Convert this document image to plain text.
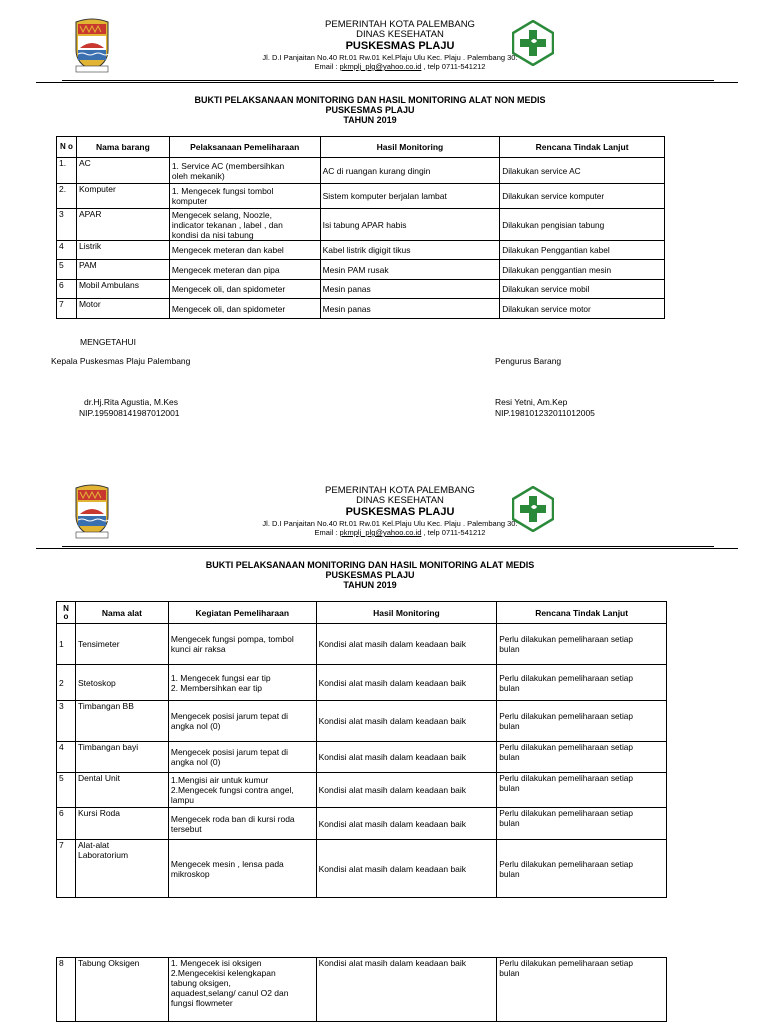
PEMERINTAH KOTA PALEMBANG
DINAS KESEHATAN
PUSKESMAS PLAJU
Jl. D.I Panjaitan No.40 Rt.01 Rw.01 Kel.Plaju Ulu Kec. Plaju . Palembang 30:
Email : pkmplj_plg@yahoo.co.id , telp 0711-541212
BUKTI PELAKSANAAN MONITORING DAN HASIL MONITORING ALAT NON MEDIS
PUSKESMAS PLAJU
TAHUN 2019
N o	Nama barang	Pelaksanaan Pemeliharaan	Hasil Monitoring	Rencana Tindak Lanjut
1.	AC	1. Service AC (membersihkan
oleh mekanik)	AC di ruangan kurang dingin	Dilakukan service AC
2.	Komputer	1. Mengecek fungsi tombol
komputer	Sistem komputer berjalan lambat	Dilakukan service komputer
3	APAR	Mengecek selang, Noozle,
indicator tekanan , label , dan
kondisi da nisi tabung	Isi tabung APAR habis	Dilakukan pengisian tabung
4	Listrik	Mengecek meteran dan kabel	Kabel listrik digigit tikus	Dilakukan Penggantian kabel
5	PAM	Mengecek meteran dan pipa	Mesin PAM rusak	Dilakukan penggantian mesin
6	Mobil Ambulans	Mengecek oli, dan spidometer	Mesin panas	Dilakukan service mobil
7	Motor	Mengecek oli, dan spidometer	Mesin panas	Dilakukan service motor
MENGETAHUI
Kepala Puskesmas Plaju Palembang	Pengurus Barang
dr.Hj.Rita Agustia, M.Kes
NIP.195908141987012001
Resi Yetni, Am.Kep
NIP.198101232011012005
PEMERINTAH KOTA PALEMBANG
DINAS KESEHATAN
PUSKESMAS PLAJU
Jl. D.I Panjaitan No.40 Rt.01 Rw.01 Kel.Plaju Ulu Kec. Plaju . Palembang 30:
Email : pkmplj_plg@yahoo.co.id , telp 0711-541212
BUKTI PELAKSANAAN MONITORING DAN HASIL MONITORING ALAT MEDIS
PUSKESMAS PLAJU
TAHUN 2019
N o	Nama alat	Kegiatan Pemeliharaan	Hasil Monitoring	Rencana Tindak Lanjut
1	Tensimeter	Mengecek fungsi pompa, tombol
kunci air raksa	Kondisi alat masih dalam keadaan baik	Perlu dilakukan pemeliharaan setiap
bulan
2	Stetoskop	1. Mengecek fungsi ear tip
2. Membersihkan ear tip	Kondisi alat masih dalam keadaan baik	Perlu dilakukan pemeliharaan setiap
bulan
3	Timbangan BB	Mengecek posisi jarum tepat di
angka nol (0)	Kondisi alat masih dalam keadaan baik	Perlu dilakukan pemeliharaan setiap
bulan
4	Timbangan bayi	Mengecek posisi jarum tepat di
angka nol (0)	Kondisi alat masih dalam keadaan baik	Perlu dilakukan pemeliharaan setiap
bulan
5	Dental Unit	1.Mengisi air untuk kumur
2.Mengecek fungsi contra angel,
lampu	Kondisi alat masih dalam keadaan baik	Perlu dilakukan pemeliharaan setiap
bulan
6	Kursi Roda	Mengecek roda ban di kursi roda
tersebut	Kondisi alat masih dalam keadaan baik	Perlu dilakukan pemeliharaan setiap
bulan
7	Alat-alat
Laboratorium	Mengecek mesin , lensa pada
mikroskop	Kondisi alat masih dalam keadaan baik	Perlu dilakukan pemeliharaan setiap
bulan
8	Tabung Oksigen	1. Mengecek isi oksigen
2.Mengecekisi kelengkapan
tabung oksigen,
aquadest,selang/ canul O2 dan
fungsi flowmeter	Kondisi alat masih dalam keadaan baik	Perlu dilakukan pemeliharaan setiap
bulan
